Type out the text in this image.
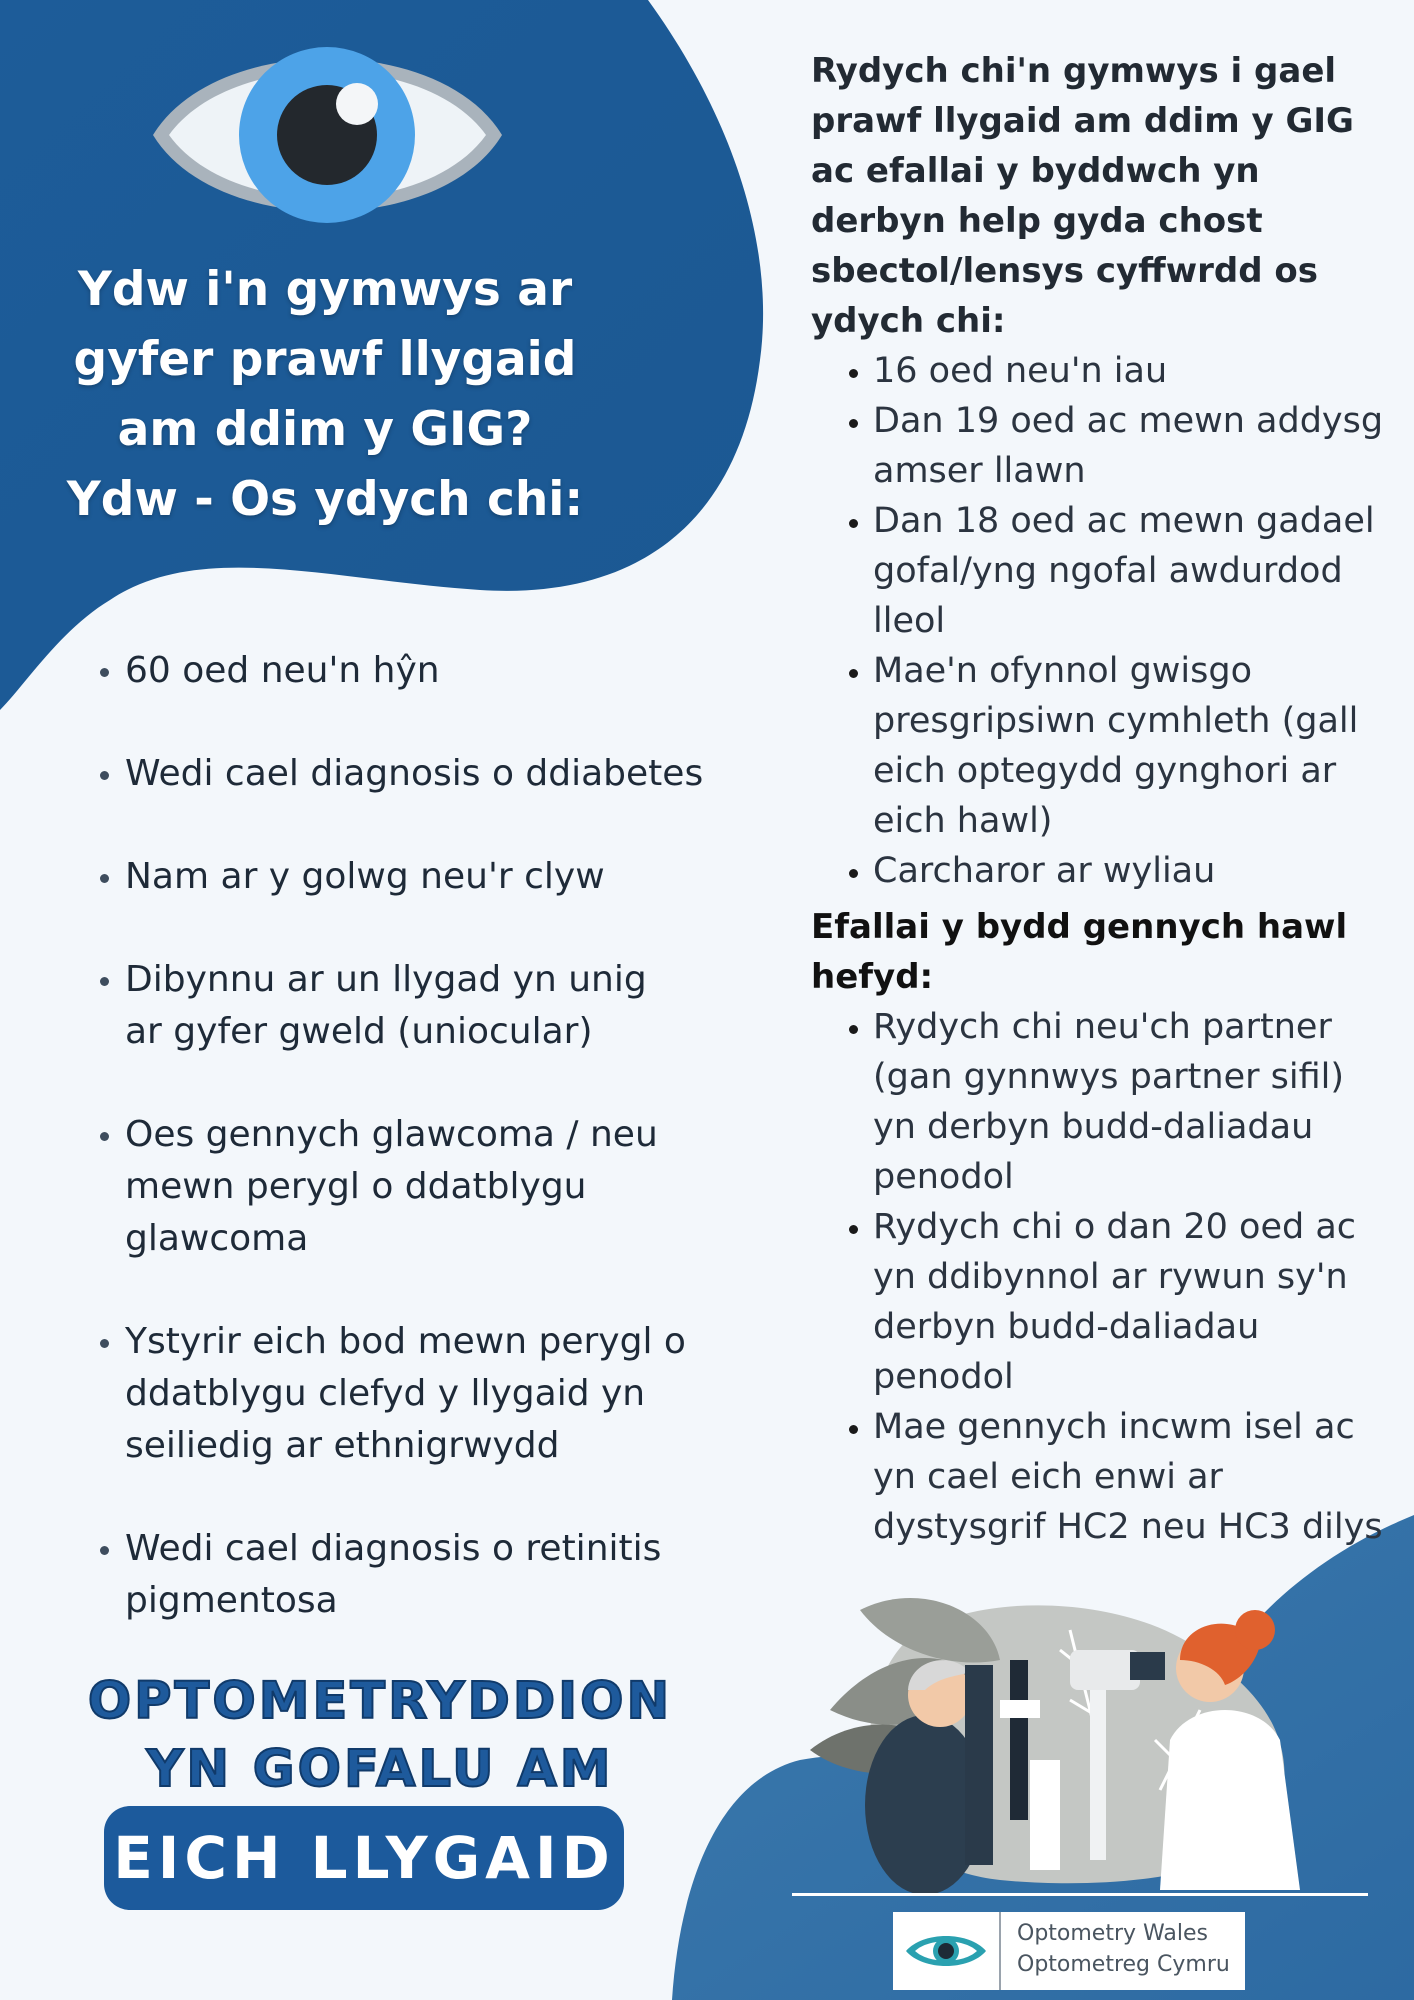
Ydw i'n gymwys ar
gyfer prawf llygaid
am ddim y GIG?
Ydw - Os ydych chi:
• 60 oed neu'n hŷn
• Wedi cael diagnosis o ddiabetes
• Nam ar y golwg neu'r clyw
• Dibynnu ar un llygad yn unig ar gyfer gweld (uniocular)
• Oes gennych glawcoma / neu mewn perygl o ddatblygu glawcoma
• Ystyrir eich bod mewn perygl o ddatblygu clefyd y llygaid yn seiliedig ar ethnigrwydd
• Wedi cael diagnosis o retinitis pigmentosa
OPTOMETRYDDION
YN GOFALU AM
EICH LLYGAID

Rydych chi'n gymwys i gael prawf llygaid am ddim y GIG ac efallai y byddwch yn derbyn help gyda chost sbectol/lensys cyffwrdd os ydych chi:

• 16 oed neu'n iau
• Dan 19 oed ac mewn addysg amser llawn
• Dan 18 oed ac mewn gadael gofal/yng ngofal awdurdod lleol
• Mae'n ofynnol gwisgo presgripsiwn cymhleth (gall eich optegydd gynghori ar eich hawl)
• Carcharor ar wyliau

Efallai y bydd gennych hawl hefyd:

• Rydych chi neu'ch partner (gan gynnwys partner sifil) yn derbyn budd-daliadau penodol
• Rydych chi o dan 20 oed ac yn ddibynnol ar rywun sy'n derbyn budd-daliadau penodol
• Mae gennych incwm isel ac yn cael eich enwi ar dystysgrif HC2 neu HC3 dilys
Optometry Wales
Optometreg Cymru
